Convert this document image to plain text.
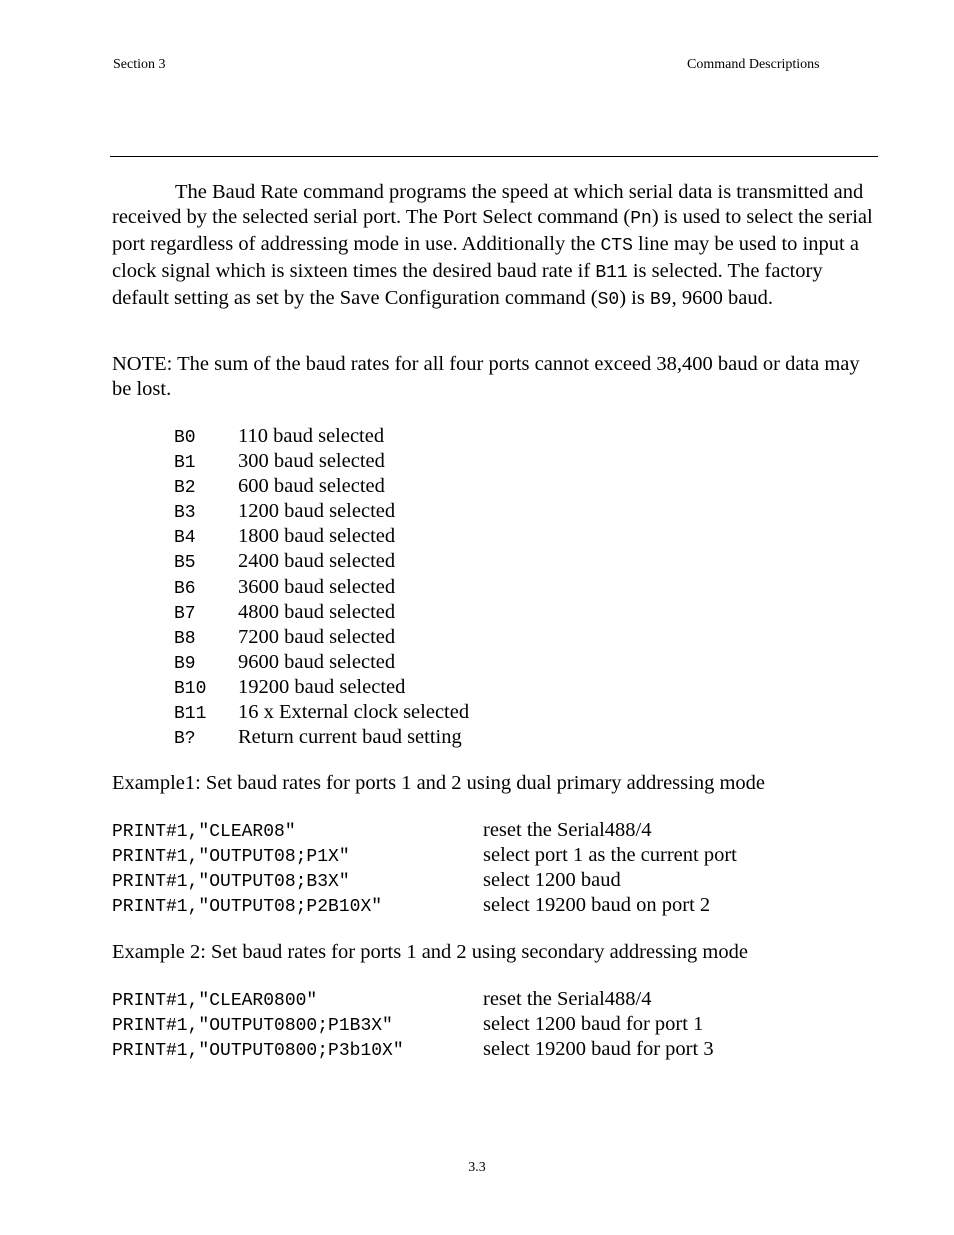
Section 3	Command Descriptions
The Baud Rate command programs the speed at which serial data is transmitted and received by the selected serial port. The Port Select command (Pn) is used to select the serial port regardless of addressing mode in use. Additionally the CTS line may be used to input a clock signal which is sixteen times the desired baud rate if B11 is selected. The factory default setting as set by the Save Configuration command (S0) is B9, 9600 baud.
NOTE: The sum of the baud rates for all four ports cannot exceed 38,400 baud or data may be lost.
B0 110 baud selected
B1 300 baud selected
B2 600 baud selected
B3 1200 baud selected
B4 1800 baud selected
B5 2400 baud selected
B6 3600 baud selected
B7 4800 baud selected
B8 7200 baud selected
B9 9600 baud selected
B10 19200 baud selected
B11 16 x External clock selected
B? Return current baud setting
Example1: Set baud rates for ports 1 and 2 using dual primary addressing mode
PRINT#1,"CLEAR08"	reset the Serial488/4
PRINT#1,"OUTPUT08;P1X"	select port 1 as the current port
PRINT#1,"OUTPUT08;B3X"	select 1200 baud
PRINT#1,"OUTPUT08;P2B10X"	select 19200 baud on port 2
Example 2: Set baud rates for ports 1 and 2 using secondary addressing mode
PRINT#1,"CLEAR0800"	reset the Serial488/4
PRINT#1,"OUTPUT0800;P1B3X"	select 1200 baud for port 1
PRINT#1,"OUTPUT0800;P3b10X"	select 19200 baud for port 3
3.3
